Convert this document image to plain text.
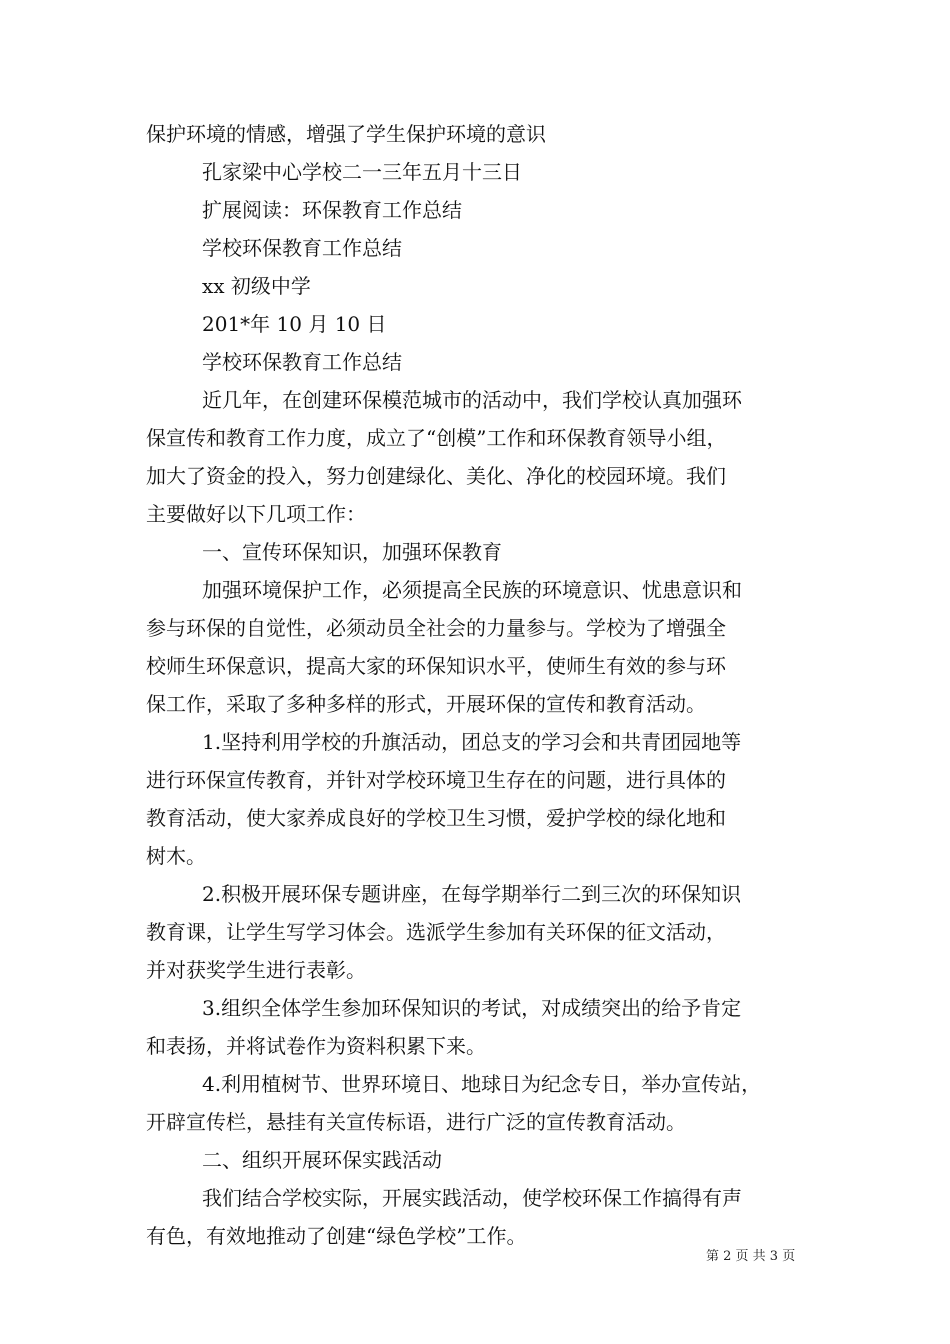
保护环境的情感，增强了学生保护环境的意识
孔家梁中心学校二一三年五月十三日
扩展阅读：环保教育工作总结
学校环保教育工作总结
xx 初级中学
201*年 10 月 10 日
学校环保教育工作总结
近几年，在创建环保模范城市的活动中，我们学校认真加强环
保宣传和教育工作力度，成立了“创模”工作和环保教育领导小组，
加大了资金的投入，努力创建绿化、美化、净化的校园环境。我们
主要做好以下几项工作：
一、宣传环保知识，加强环保教育
加强环境保护工作，必须提高全民族的环境意识、忧患意识和
参与环保的自觉性，必须动员全社会的力量参与。学校为了增强全
校师生环保意识，提高大家的环保知识水平，使师生有效的参与环
保工作，采取了多种多样的形式，开展环保的宣传和教育活动。
1.坚持利用学校的升旗活动，团总支的学习会和共青团园地等
进行环保宣传教育，并针对学校环境卫生存在的问题，进行具体的
教育活动，使大家养成良好的学校卫生习惯，爱护学校的绿化地和
树木。
2.积极开展环保专题讲座，在每学期举行二到三次的环保知识
教育课，让学生写学习体会。选派学生参加有关环保的征文活动，
并对获奖学生进行表彰。
3.组织全体学生参加环保知识的考试，对成绩突出的给予肯定
和表扬，并将试卷作为资料积累下来。
4.利用植树节、世界环境日、地球日为纪念专日，举办宣传站，
开辟宣传栏，悬挂有关宣传标语，进行广泛的宣传教育活动。
二、组织开展环保实践活动
我们结合学校实际，开展实践活动，使学校环保工作搞得有声
有色，有效地推动了创建“绿色学校”工作。
第 2 页 共 3 页
